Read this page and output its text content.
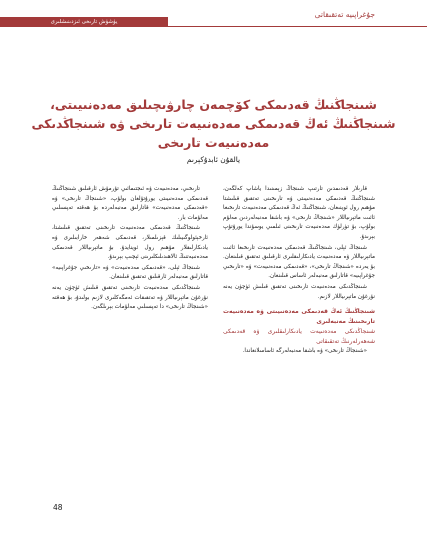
يۈشۈش تارىخى ئىزدىنىشلىرى
جۇغراپىيە تەتقىقاتى
شىنجاڭنىڭ قەدىمكى كۆچمەن چارۋىچىلىق مەدەنىيىتى،
شىنجاڭنىڭ ئەڭ قەدىمكى مەدەنىيەت تارىخى ۋە شىنجاڭدىكى مەدەنىيەت تارىخى
يالقۇن ئابدۇكېرىم

قارىلار قەدىمدىن تارتىپ شىنجاڭ زېمىنىدا ياشاپ كەلگەن، شىنجاڭنىڭ قەدىمكى مەدەنىيىتى ۋە تارىخىنى تەتقىق قىلىشتا مۇھىم رول ئوينىغان، شىنجاڭنىڭ ئەڭ قەدىمكى مەدەنىيەت تارىخىغا ئائىت ماتېرىياللار «شىنجاڭ تارىخى» ۋە باشقا مەنبەلەردىن مەلۇم بولۇپ، بۇ تۈرلۈك مەدەنىيەت تارىخىنى ئىلمىي يوسۇندا يورۇتۇپ بېرىدۇ.

شىنجاڭ ئېلى، شىنجاڭنىڭ قەدىمكى مەدەنىيەت تارىخىغا ئائىت ماتېرىياللار ۋە مەدەنىيەت يادىكارلىقلىرى ئارقىلىق تەتقىق قىلىنغان. بۇ يەردە «شىنجاڭ تارىخى»، «قەدىمكى مەدەنىيەت» ۋە «تارىخىي جۇغراپىيە» قاتارلىق مەنبەلەر ئاساس قىلىنغان.

شىنجاڭدىكى مەدەنىيەت تارىخىنى تەتقىق قىلىش ئۈچۈن يەنە نۇرغۇن ماتېرىياللار لازىم.

شىنجاڭنىڭ ئەڭ قەدىمكى مەدەنىيىتى ۋە مەدەنىيەت تارىخىنىڭ مەنبەلىرى
شىنجاڭدىكى مەدەنىيەت يادىكارلىقلىرى ۋە قەدىمكى شەھەرلەرنىڭ تەتقىقاتى

«شىنجاڭ تارىخى» ۋە باشقا مەنبەلەرگە ئاساسلانغاندا.

تارىخىي، مەدەنىيەت ۋە ئىجتىمائىي تۇرمۇش ئارقىلىق شىنجاڭنىڭ قەدىمكى مەدەنىيىتى يورۇتۇلغان بولۇپ، «شىنجاڭ تارىخى» ۋە «قەدىمكى مەدەنىيەت» قاتارلىق مەنبەلەردە بۇ ھەقتە تەپسىلىي مەلۇمات بار.

شىنجاڭنىڭ قەدىمكى مەدەنىيەت تارىخىنى تەتقىق قىلىشتا، ئارخېئولوگىيىلىك قېزىلمىلار، قەدىمكى شەھەر خارابىلىرى ۋە يادىكارلىقلار مۇھىم رول ئوينايدۇ. بۇ ماتېرىياللار قەدىمكى مەدەنىيەتنىڭ ئالاھىدىلىكلىرىنى ئېچىپ بېرىدۇ.

شىنجاڭ ئېلى، «قەدىمكى مەدەنىيەت» ۋە «تارىخىي جۇغراپىيە» قاتارلىق مەنبەلەر ئارقىلىق تەتقىق قىلىنغان.

شىنجاڭدىكى مەدەنىيەت تارىخىنى تەتقىق قىلىش ئۈچۈن يەنە نۇرغۇن ماتېرىياللار ۋە تەتقىقات ئەمگەكلىرى لازىم بولىدۇ، بۇ ھەقتە «شىنجاڭ تارىخى» دا تەپسىلىي مەلۇمات بېرىلگەن.

48
